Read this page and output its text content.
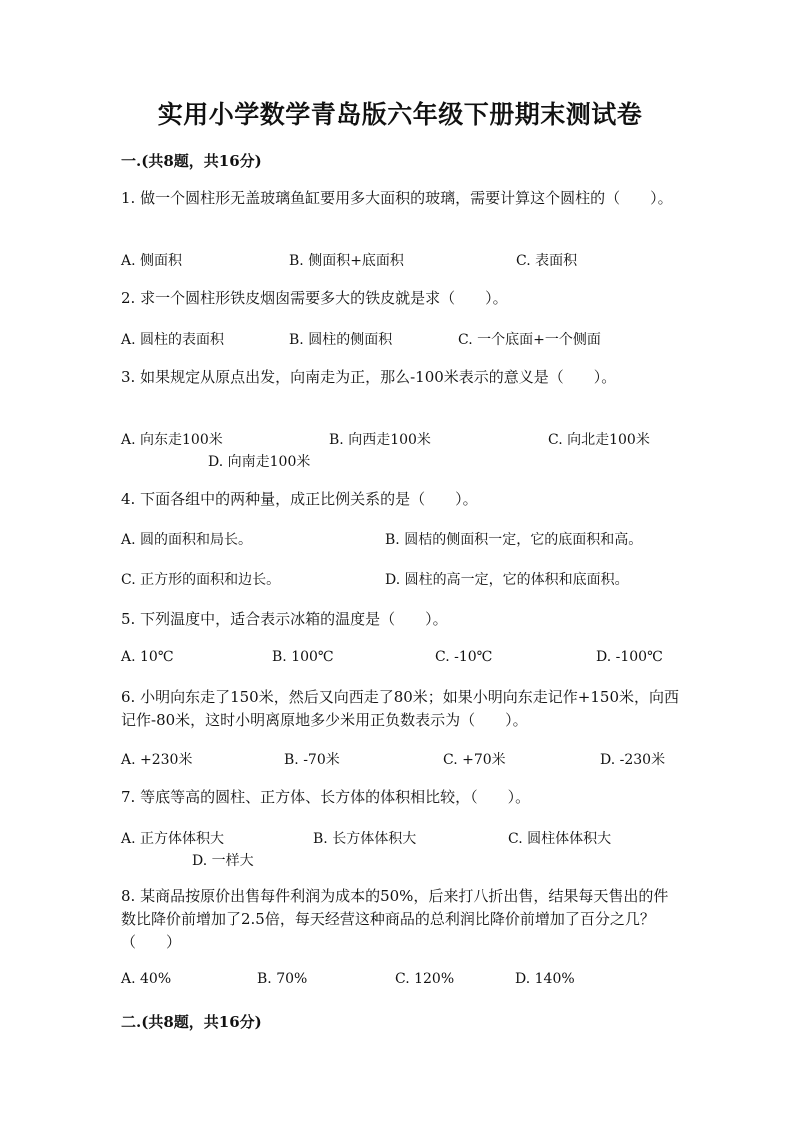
实用小学数学青岛版六年级下册期末测试卷
一.(共8题，共16分)
1. 做一个圆柱形无盖玻璃鱼缸要用多大面积的玻璃，需要计算这个圆柱的（　　）。
A. 侧面积	B. 侧面积+底面积	C. 表面积
2. 求一个圆柱形铁皮烟囱需要多大的铁皮就是求（　　）。
A. 圆柱的表面积	B. 圆柱的侧面积	C. 一个底面+一个侧面
3. 如果规定从原点出发，向南走为正，那么-100米表示的意义是（　　）。
A. 向东走100米	B. 向西走100米	C. 向北走100米
D. 向南走100米
4. 下面各组中的两种量，成正比例关系的是（　　）。
A. 圆的面积和局长。	B. 圆桔的侧面积一定，它的底面积和高。
C. 正方形的面积和边长。	D. 圆柱的高一定，它的体积和底面积。
5. 下列温度中，适合表示冰箱的温度是（　　）。
A. 10℃	B. 100℃	C. -10℃	D. -100℃
6. 小明向东走了150米，然后又向西走了80米；如果小明向东走记作+150米，向西记作-80米，这时小明离原地多少米用正负数表示为（　　）。
A. +230米	B. -70米	C. +70米	D. -230米
7. 等底等高的圆柱、正方体、长方体的体积相比较，（　　）。
A. 正方体体积大	B. 长方体体积大	C. 圆柱体体积大
D. 一样大
8. 某商品按原价出售每件利润为成本的50%，后来打八折出售，结果每天售出的件数比降价前增加了2.5倍，每天经营这种商品的总利润比降价前增加了百分之几？（　　）
A. 40%	B. 70%	C. 120%	D. 140%
二.(共8题，共16分)
